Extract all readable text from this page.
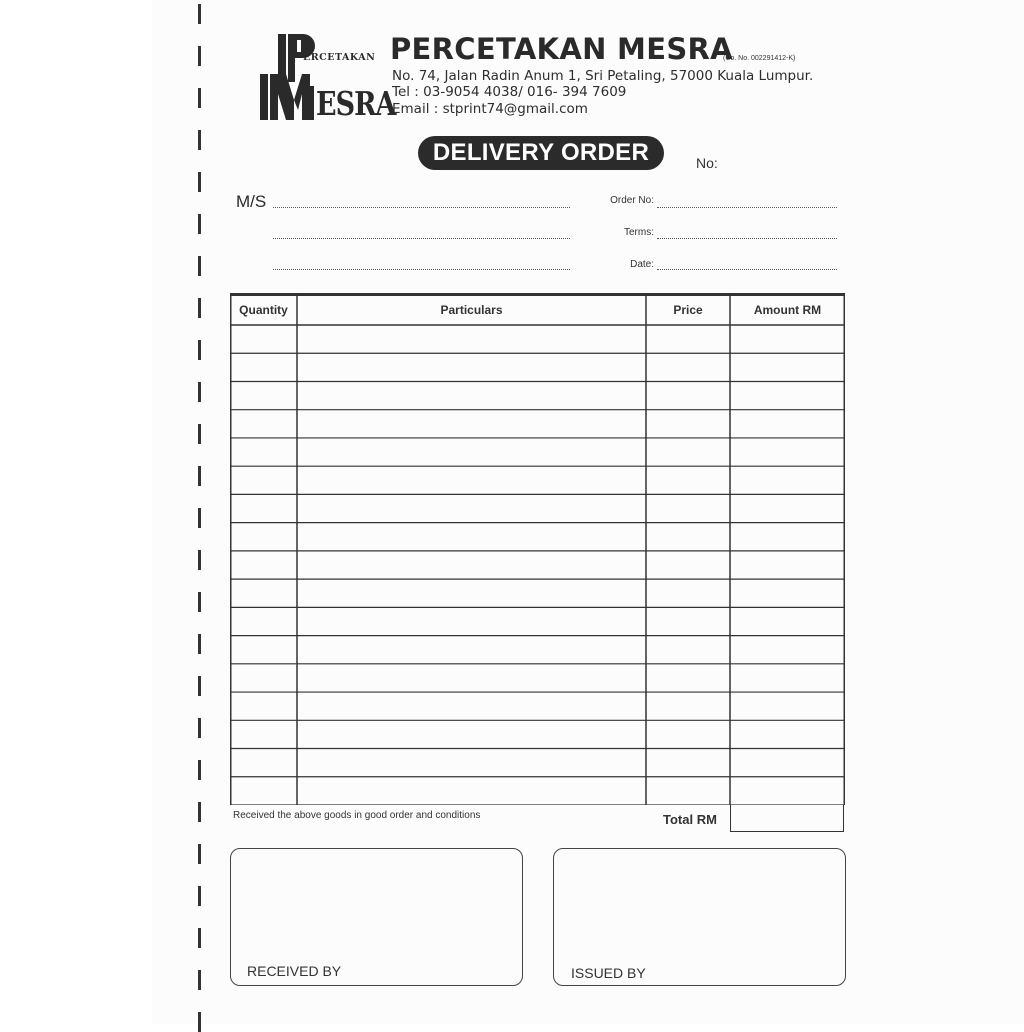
ERCETAKAN
ESRA
PERCETAKAN MESRA
(Co. No. 002291412-K)
No. 74, Jalan Radin Anum 1, Sri Petaling, 57000 Kuala Lumpur.
Tel : 03-9054 4038/ 016- 394 7609
Email : stprint74@gmail.com
DELIVERY ORDER	No:
M/S	Order No:
Terms:
Date:
Quantity	Particulars	Price	Amount RM
Received the above goods in good order and conditions	Total RM
RECEIVED BY	ISSUED BY
